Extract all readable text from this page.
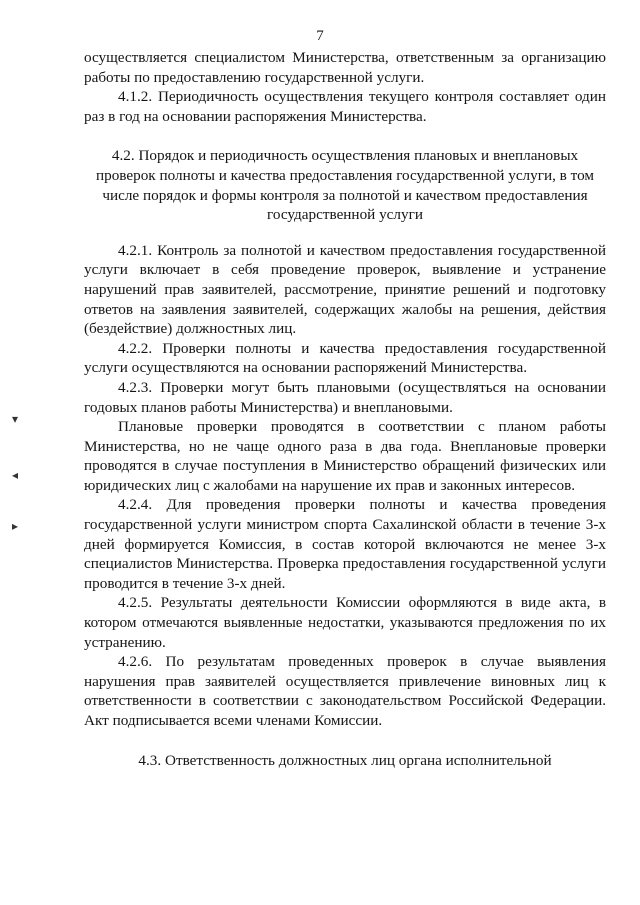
7

осуществляется специалистом Министерства, ответственным за организацию работы по предоставлению государственной услуги.

4.1.2. Периодичность осуществления текущего контроля составляет один раз в год на основании распоряжения Министерства.

4.2. Порядок и периодичность осуществления плановых и внеплановых проверок полноты и качества предоставления государственной услуги, в том числе порядок и формы контроля за полнотой и качеством предоставления государственной услуги

4.2.1. Контроль за полнотой и качеством предоставления государственной услуги включает в себя проведение проверок, выявление и устранение нарушений прав заявителей, рассмотрение, принятие решений и подготовку ответов на заявления заявителей, содержащих жалобы на решения, действия (бездействие) должностных лиц.

4.2.2. Проверки полноты и качества предоставления государственной услуги осуществляются на основании распоряжений Министерства.

4.2.3. Проверки могут быть плановыми (осуществляться на основании годовых планов работы Министерства) и внеплановыми.

Плановые проверки проводятся в соответствии с планом работы Министерства, но не чаще одного раза в два года. Внеплановые проверки проводятся в случае поступления в Министерство обращений физических или юридических лиц с жалобами на нарушение их прав и законных интересов.

4.2.4. Для проведения проверки полноты и качества проведения государственной услуги министром спорта Сахалинской области в течение 3-х дней формируется Комиссия, в состав которой включаются не менее 3-х специалистов Министерства. Проверка предоставления государственной услуги проводится в течение 3-х дней.

4.2.5. Результаты деятельности Комиссии оформляются в виде акта, в котором отмечаются выявленные недостатки, указываются предложения по их устранению.

4.2.6. По результатам проведенных проверок в случае выявления нарушения прав заявителей осуществляется привлечение виновных лиц к ответственности в соответствии с законодательством Российской Федерации. Акт подписывается всеми членами Комиссии.

4.3. Ответственность должностных лиц органа исполнительной

▾
◂
▸
